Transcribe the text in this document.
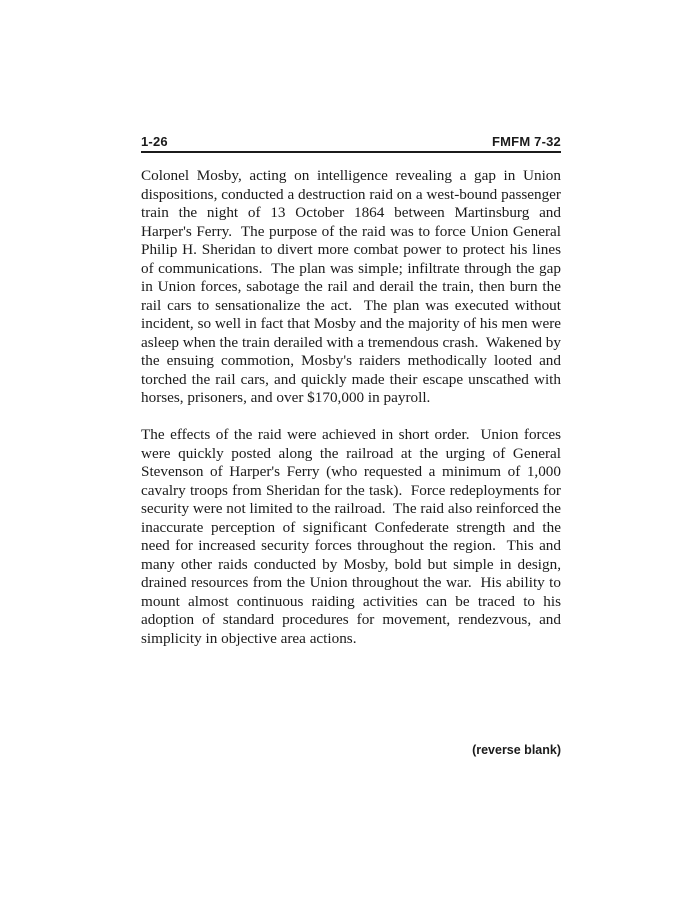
1-26	FMFM 7-32

Colonel Mosby, acting on intelligence revealing a gap in Union dispositions, conducted a destruction raid on a west-bound passenger train the night of 13 October 1864 between Martinsburg and Harper's Ferry.  The purpose of the raid was to force Union General Philip H. Sheridan to divert more combat power to protect his lines of communications.  The plan was simple; infiltrate through the gap in Union forces, sabotage the rail and derail the train, then burn the rail cars to sensationalize the act.  The plan was executed without incident, so well in fact that Mosby and the majority of his men were asleep when the train derailed with a tremendous crash.  Wakened by the ensuing commotion, Mosby's raiders methodically looted and torched the rail cars, and quickly made their escape unscathed with horses, prisoners, and over $170,000 in payroll.

The effects of the raid were achieved in short order.  Union forces were quickly posted along the railroad at the urging of General Stevenson of Harper's Ferry (who requested a minimum of 1,000 cavalry troops from Sheridan for the task).  Force redeployments for security were not limited to the railroad.  The raid also reinforced the inaccurate perception of significant Confederate strength and the need for increased security forces throughout the region.  This and many other raids conducted by Mosby, bold but simple in design, drained resources from the Union throughout the war.  His ability to mount almost continuous raiding activities can be traced to his adoption of standard procedures for movement, rendezvous, and simplicity in objective area actions.

(reverse blank)
